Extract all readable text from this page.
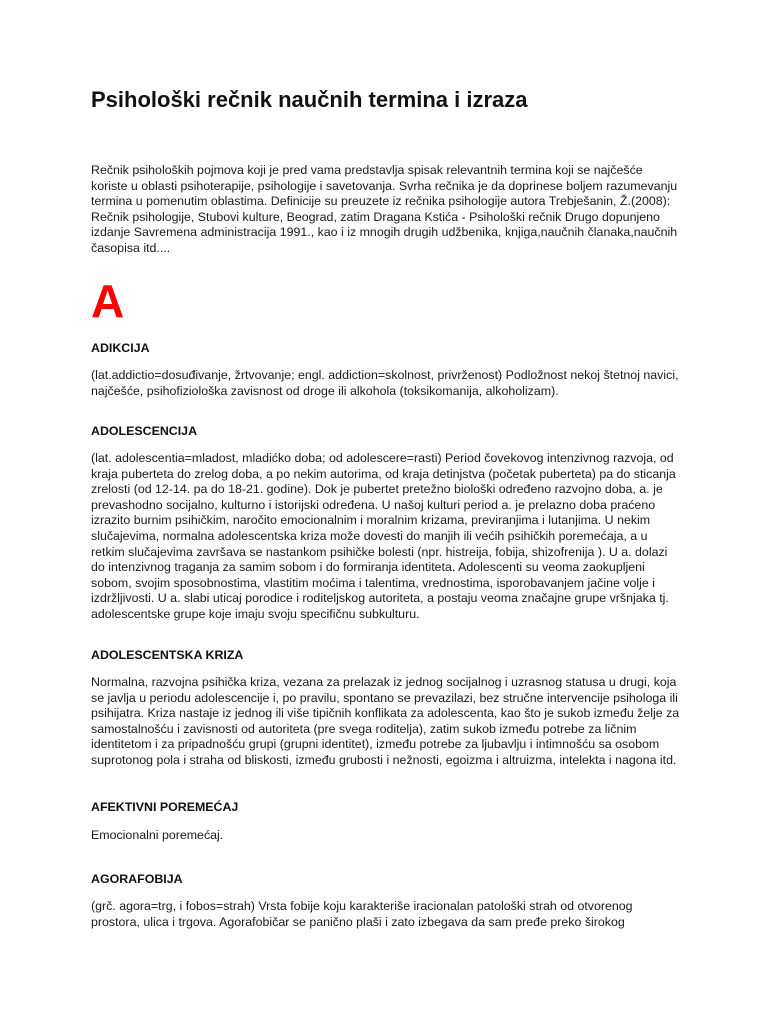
Psihološki rečnik naučnih termina i izraza

Rečnik psiholoških pojmova koji je pred vama predstavlja spisak relevantnih termina koji se najčešće koriste u oblasti psihoterapije, psihologije i savetovanja. Svrha rečnika je da doprinese boljem razumevanju termina u pomenutim oblastima. Definicije su preuzete iz rečnika psihologije autora Trebješanin, Ž.(2008): Rečnik psihologije, Stubovi kulture, Beograd, zatim Dragana Kstića - Psihološki rečnik Drugo dopunjeno izdanje Savremena administracija 1991., kao i iz mnogih drugih udžbenika, knjiga,naučnih članaka,naučnih časopisa itd....

A
ADIKCIJA

(lat.addictio=dosuđivanje, žrtvovanje; engl. addiction=skolnost, privrženost) Podložnost nekoj štetnoj navici, najčešće, psihofiziološka zavisnost od droge ili alkohola (toksikomanija, alkoholizam).

ADOLESCENCIJA

(lat. adolescentia=mladost, mladićko doba; od adolescere=rasti) Period čovekovog intenzivnog razvoja, od kraja puberteta do zrelog doba, a po nekim autorima, od kraja detinjstva (početak puberteta) pa do sticanja zrelosti (od 12-14. pa do 18-21. godine). Dok je pubertet pretežno biološki određeno razvojno doba, a. je prevashodno socijalno, kulturno i istorijski određena. U našoj kulturi period a. je prelazno doba praćeno izrazito burnim psihičkim, naročito emocionalnim i moralnim krizama, previranjima i lutanjima. U nekim slučajevima, normalna adolescentska kriza može dovesti do manjih ili većih psihičkih poremećaja, a u retkim slučajevima završava se nastankom psihičke bolesti (npr. histreija, fobija, shizofrenija ). U a. dolazi do intenzivnog traganja za samim sobom i do formiranja identiteta. Adolescenti su veoma zaokupljeni sobom, svojim sposobnostima, vlastitim moćima i talentima, vrednostima, isporobavanjem jačine volje i izdržljivosti. U a. slabi uticaj porodice i roditeljskog autoriteta, a postaju veoma značajne grupe vršnjaka tj. adolescentske grupe koje imaju svoju specifičnu subkulturu.

ADOLESCENTSKA KRIZA

Normalna, razvojna psihička kriza, vezana za prelazak iz jednog socijalnog i uzrasnog statusa u drugi, koja se javlja u periodu adolescencije i, po pravilu, spontano se prevazilazi, bez stručne intervencije psihologa ili psihijatra. Kriza nastaje iz jednog ili više tipičnih konflikata za adolescenta, kao što je sukob između želje za samostalnošću i zavisnosti od autoriteta (pre svega roditelja), zatim sukob između potrebe za ličnim identitetom i za pripadnošću grupi (grupni identitet), između potrebe za ljubavlju i intimnošću sa osobom suprotonog pola i straha od bliskosti, između grubosti i nežnosti, egoizma i altruizma, intelekta i nagona itd.

AFEKTIVNI POREMEĆAJ

Emocionalni poremećaj.

AGORAFOBIJA

(grč. agora=trg, i fobos=strah) Vrsta fobije koju karakteriše iracionalan patološki strah od otvorenog prostora, ulica i trgova. Agorafobičar se panično plaši i zato izbegava da sam pređe preko širokog
